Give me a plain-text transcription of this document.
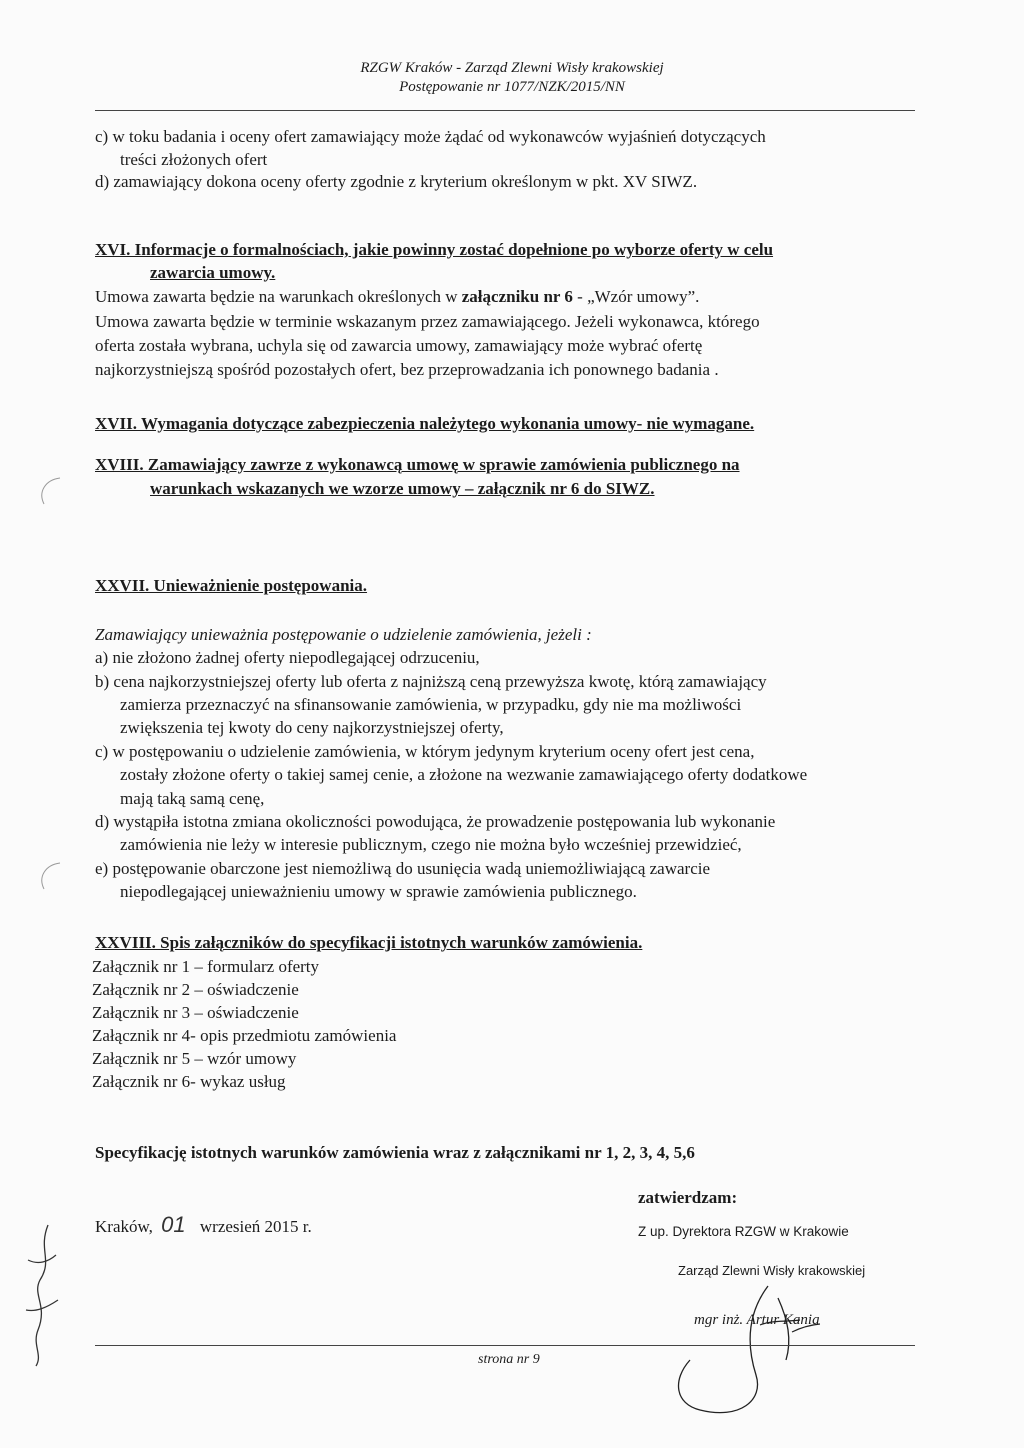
RZGW Kraków - Zarząd Zlewni Wisły krakowskiej
Postępowanie nr 1077/NZK/2015/NN
c) w toku badania i oceny ofert zamawiający może żądać od wykonawców wyjaśnień dotyczących
treści złożonych ofert
d) zamawiający dokona oceny oferty zgodnie z kryterium określonym w pkt. XV SIWZ.
XVI. Informacje o formalnościach, jakie powinny zostać dopełnione po wyborze oferty w celu
zawarcia umowy.
Umowa zawarta będzie na warunkach określonych w załączniku nr 6 - „Wzór umowy”.
Umowa zawarta będzie w terminie wskazanym przez zamawiającego. Jeżeli wykonawca, którego
oferta została wybrana, uchyla się od zawarcia umowy, zamawiający może wybrać ofertę
najkorzystniejszą spośród pozostałych ofert, bez przeprowadzania ich ponownego badania .
XVII. Wymagania dotyczące zabezpieczenia należytego wykonania umowy- nie wymagane.
XVIII. Zamawiający zawrze z wykonawcą umowę w sprawie zamówienia publicznego na
warunkach wskazanych we wzorze umowy – załącznik nr 6 do SIWZ.
XXVII. Unieważnienie postępowania.
Zamawiający unieważnia postępowanie o udzielenie zamówienia, jeżeli :
a) nie złożono żadnej oferty niepodlegającej odrzuceniu,
b) cena najkorzystniejszej oferty lub oferta z najniższą ceną przewyższa kwotę, którą zamawiający
zamierza przeznaczyć na sfinansowanie zamówienia, w przypadku, gdy nie ma możliwości
zwiększenia tej kwoty do ceny najkorzystniejszej oferty,
c) w postępowaniu o udzielenie zamówienia, w którym jedynym kryterium oceny ofert jest cena,
zostały złożone oferty o takiej samej cenie, a złożone na wezwanie zamawiającego oferty dodatkowe
mają taką samą cenę,
d) wystąpiła istotna zmiana okoliczności powodująca, że prowadzenie postępowania lub wykonanie
zamówienia nie leży w interesie publicznym, czego nie można było wcześniej przewidzieć,
e) postępowanie obarczone jest niemożliwą do usunięcia wadą uniemożliwiającą zawarcie
niepodlegającej unieważnieniu umowy w sprawie zamówienia publicznego.
XXVIII. Spis załączników do specyfikacji istotnych warunków zamówienia.
Załącznik nr 1 – formularz oferty
Załącznik nr 2 – oświadczenie
Załącznik nr 3 – oświadczenie
Załącznik nr 4- opis przedmiotu zamówienia
Załącznik nr 5 – wzór umowy
Załącznik nr 6- wykaz usług
Specyfikację istotnych warunków zamówienia wraz z załącznikami nr 1, 2, 3, 4, 5,6
zatwierdzam:
Kraków, 01 wrzesień 2015 r.	Z up. Dyrektora RZGW w Krakowie
Zarząd Zlewni Wisły krakowskiej
mgr inż. Artur Kania
strona nr 9
